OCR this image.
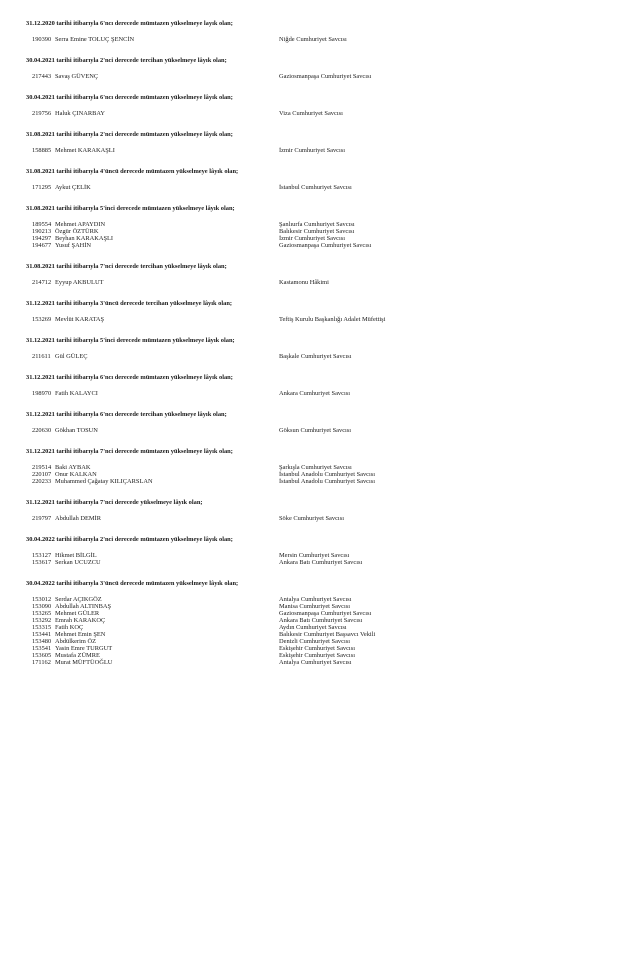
31.12.2020 tarihi itibarıyla 6'ncı derecede mümtazen yükselmeye layık olan;
190390 Serra Emine TOLUÇ ŞENCİN	Niğde Cumhuriyet Savcısı
30.04.2021 tarihi itibarıyla 2'nci derecede tercihan yükselmeye lâyık olan;
217443 Savaş GÜVENÇ	Gaziosmanpaşa Cumhuriyet Savcısı
30.04.2021 tarihi itibarıyla 6'ncı derecede mümtazen yükselmeye lâyık olan;
219756 Haluk ÇINARBAY	Viza Cumhuriyet Savcısı
31.08.2021 tarihi itibarıyla 2'nci derecede mümtazen yükselmeye lâyık olan;
158885 Mehmet KARAKAŞLI	İzmir Cumhuriyet Savcısı
31.08.2021 tarihi itibarıyla 4'üncü derecede mümtazen yükselmeye lâyık olan;
171295 Aykut ÇELİK	İstanbul Cumhuriyet Savcısı
31.08.2021 tarihi itibarıyla 5'inci derecede mümtazen yükselmeye lâyık olan;
189554 Mehmet APAYDIN	Şanlıurfa Cumhuriyet Savcısı
190213 Özgür ÖZTÜRK	Balıkesir Cumhuriyet Savcısı
194297 Beyhan KARAKAŞLI	İzmir Cumhuriyet Savcısı
194677 Yusuf ŞAHİN	Gaziosmanpaşa Cumhuriyet Savcısı
31.08.2021 tarihi itibarıyla 7'nci derecede tercihan yükselmeye lâyık olan;
214712 Eyyup AKBULUT	Kastamonu Hâkimi
31.12.2021 tarihi itibarıyla 3'üncü derecede tercihan yükselmeye lâyık olan;
153269 Mevlüt KARATAŞ	Teftiş Kurulu Başkanlığı Adalet Müfettişi
31.12.2021 tarihi itibarıyla 5'inci derecede mümtazen yükselmeye lâyık olan;
211611 Gül GÜLEÇ	Başkale Cumhuriyet Savcısı
31.12.2021 tarihi itibarıyla 6'ncı derecede mümtazen yükselmeye lâyık olan;
198970 Fatih KALAYCI	Ankara Cumhuriyet Savcısı
31.12.2021 tarihi itibarıyla 6'ncı derecede tercihan yükselmeye lâyık olan;
220630 Gökhan TOSUN	Göksun Cumhuriyet Savcısı
31.12.2021 tarihi itibarıyla 7'nci derecede mümtazen yükselmeye lâyık olan;
219514 Baki AYBAK	Şarkışla Cumhuriyet Savcısı
220107 Onur KALKAN	İstanbul Anadolu Cumhuriyet Savcısı
220233 Muhammed Çağatay KILIÇARSLAN	İstanbul Anadolu Cumhuriyet Savcısı
31.12.2021 tarihi itibarıyla 7'nci derecede yükselmeye lâyık olan;
219797 Abdullah DEMİR	Söke Cumhuriyet Savcısı
30.04.2022 tarihi itibarıyla 2'nci derecede mümtazen yükselmeye lâyık olan;
153127 Hikmet BİLGİL	Mersin Cumhuriyet Savcısı
153617 Serkan UCUZCU	Ankara Batı Cumhuriyet Savcısı
30.04.2022 tarihi itibarıyla 3'üncü derecede mümtazen yükselmeye lâyık olan;
153012 Serdar AÇIKGÖZ	Antalya Cumhuriyet Savcısı
153090 Abdullah ALTINBAŞ	Manisa Cumhuriyet Savcısı
153265 Mehmet GÜLER	Gaziosmanpaşa Cumhuriyet Savcısı
153292 Emrah KARAKOÇ	Ankara Batı Cumhuriyet Savcısı
153315 Fatih KOÇ	Aydın Cumhuriyet Savcısı
153441 Mehmet Emin ŞEN	Balıkesir Cumhuriyet Başsavcı Vekili
153480 Abdülkerim ÖZ	Denizli Cumhuriyet Savcısı
153541 Yasin Emre TURGUT	Eskişehir Cumhuriyet Savcısı
153605 Mustafa ZÜMRE	Eskişehir Cumhuriyet Savcısı
171162 Murat MÜFTÜOĞLU	Antalya Cumhuriyet Savcısı
